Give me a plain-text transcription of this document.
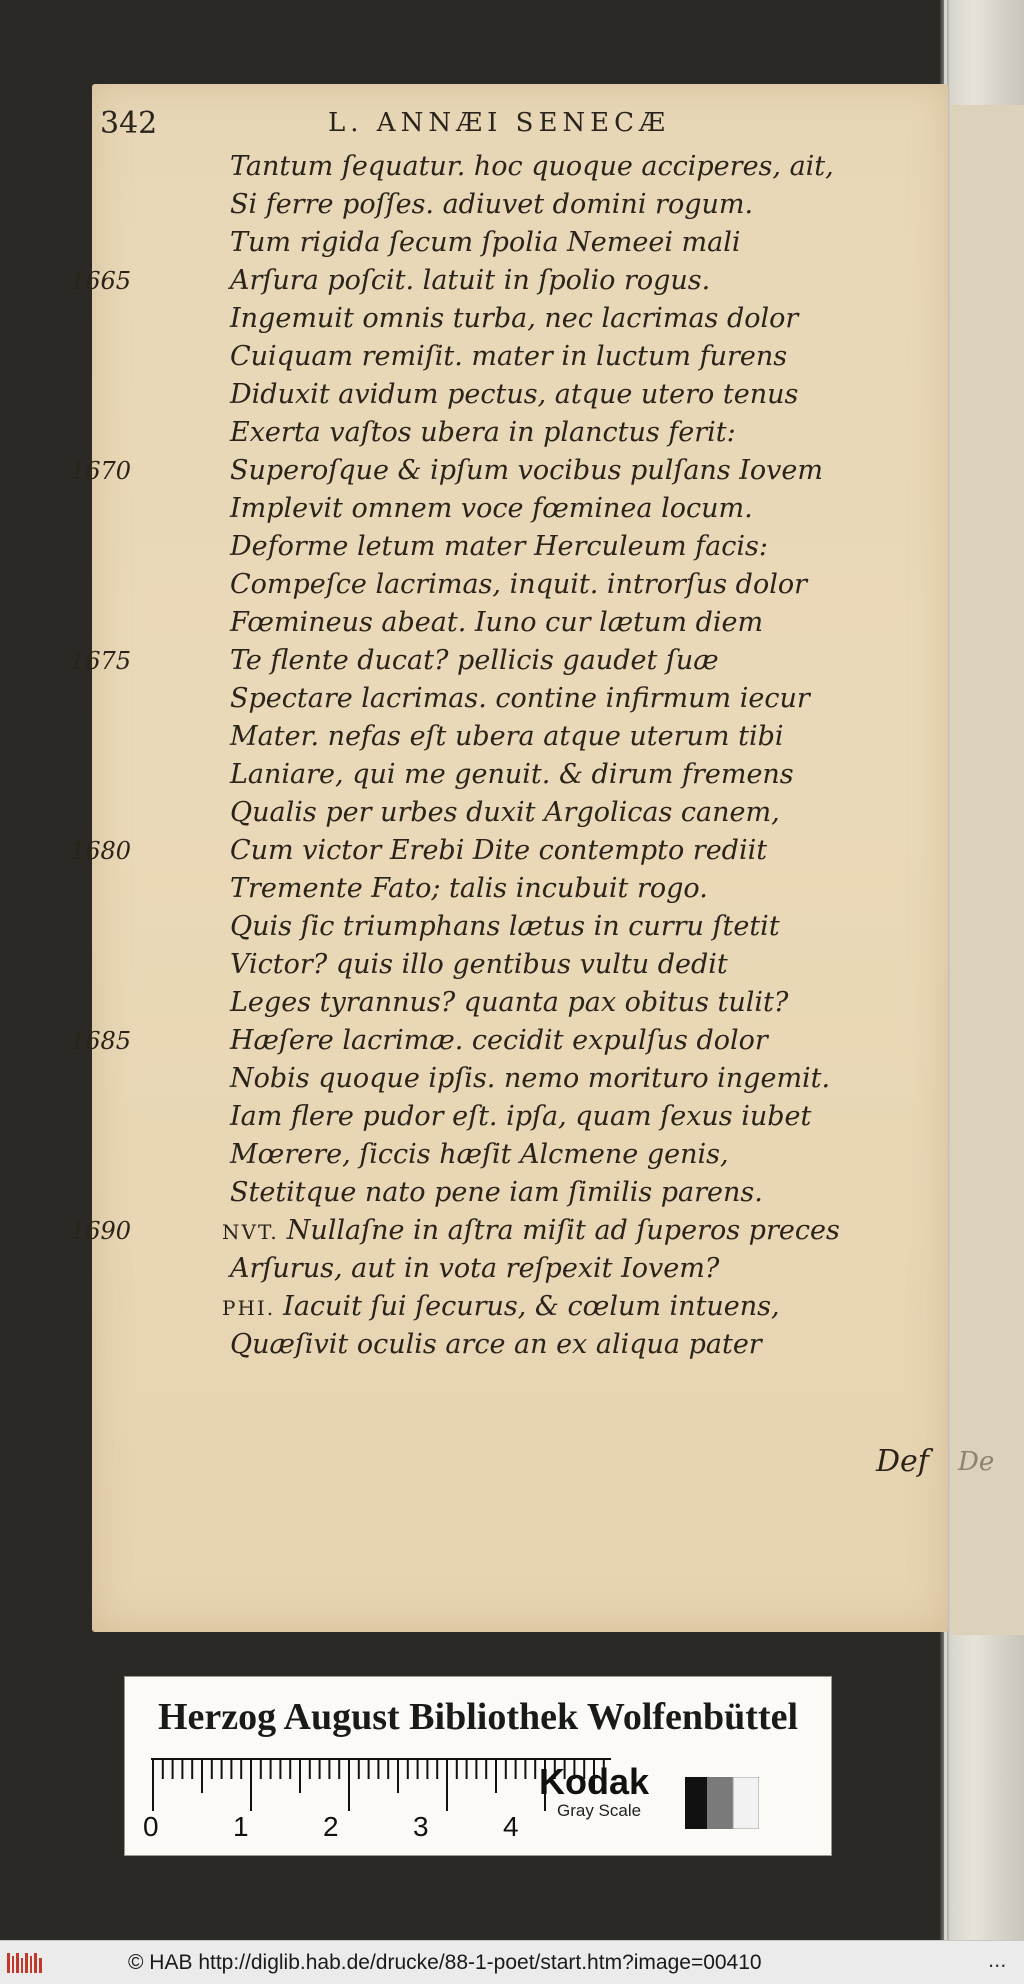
342	L. ANNÆI SENECÆ
Tantum ſequatur. hoc quoque acciperes, ait,
Si ferre poſſes. adiuvet domini rogum.
Tum rigida ſecum ſpolia Nemeei mali
1665	Arſura poſcit. latuit in ſpolio rogus.
Ingemuit omnis turba, nec lacrimas dolor
Cuiquam remiſit. mater in luctum furens
Diduxit avidum pectus, atque utero tenus
Exerta vaſtos ubera in planctus ferit:
1670	Superoſque & ipſum vocibus pulſans Iovem
Implevit omnem voce fœminea locum.
Deforme letum mater Herculeum facis:
Compeſce lacrimas, inquit. introrſus dolor
Fœmineus abeat. Iuno cur lætum diem
1675	Te flente ducat? pellicis gaudet ſuæ
Spectare lacrimas. contine infirmum iecur
Mater. nefas eſt ubera atque uterum tibi
Laniare, qui me genuit. & dirum fremens
Qualis per urbes duxit Argolicas canem,
1680	Cum victor Erebi Dite contempto rediit
Tremente Fato; talis incubuit rogo.
Quis ſic triumphans lætus in curru ſtetit
Victor? quis illo gentibus vultu dedit
Leges tyrannus? quanta pax obitus tulit?
1685	Hæſere lacrimæ. cecidit expulſus dolor
Nobis quoque ipſis. nemo morituro ingemit.
Iam flere pudor eſt. ipſa, quam ſexus iubet
Mœrere, ſiccis hæſit Alcmene genis,
Stetitque nato pene iam ſimilis parens.
1690	NVT. Nullaſne in aſtra miſit ad ſuperos preces
Arſurus, aut in vota reſpexit Iovem?
PHI. Iacuit ſui ſecurus, & cœlum intuens,
Quæſivit oculis arce an ex aliqua pater
Def De
Herzog August Bibliothek Wolfenbüttel
0	1	2	3	4
Kodak
Gray Scale
© HAB http://diglib.hab.de/drucke/88-1-poet/start.htm?image=00410	...
